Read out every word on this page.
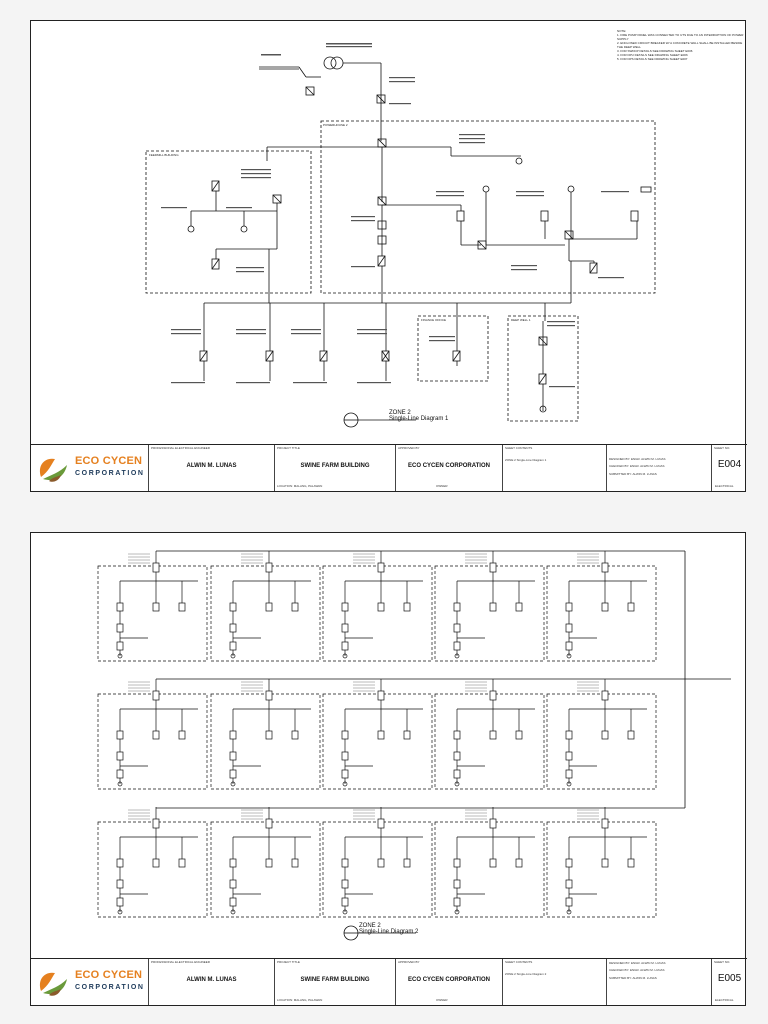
POWERHOUSE 2
FEEDMILL BUILDING
FINANCE OFFICE	DEEP WELL 1
NOTE:
1. FIRE PUMP PANEL WAS CONNECTED TO UTS DUE TO AN INTERRUPTION OF POWER SUPPLY
2. ENCLOSED CIRCUIT BREAKER W/ A CONCRETE WALL SHALL BE INSTALLED BESIDE THE DEEP WELL
3. FOR SWDCP DETAILS SEE DRAWING SHEET E006
4. FOR DPU DETAILS SEE DRAWING SHEET E006
5. FOR DPS DETAILS SEE DRAWING SHEET E007
ZONE 2
Single-Line Diagram 1
ECO CYCEN
CORPORATION
PROFESSIONAL ELECTRICAL ENGINEER
ALWIN M. LUNAS
PROJECT TITLE
SWINE FARM BUILDING
LOCATION: MALANG, PALAWAN
APPROVED BY
ECO CYCEN CORPORATION
OWNER
SHEET CONTENTS
ZONE 2 Single-Line Diagram 1	DESIGNED BY: ENGR. ALWIN M. LUNAS
CHECKED BY: ENGR. ALWIN M. LUNAS
SUBMITTED BY: ALWIN M. LUNAS
SHEET NO.
E004
ELECTRICAL
ZONE 2
Single-Line Diagram 2
ECO CYCEN
CORPORATION
PROFESSIONAL ELECTRICAL ENGINEER
ALWIN M. LUNAS
PROJECT TITLE
SWINE FARM BUILDING
LOCATION: MALANG, PALAWAN
APPROVED BY
ECO CYCEN CORPORATION
OWNER
SHEET CONTENTS
ZONE 2 Single-Line Diagram 2
DESIGNED BY: ENGR. ALWIN M. LUNAS
CHECKED BY: ENGR. ALWIN M. LUNAS
SUBMITTED BY: ALWIN M. LUNAS
SHEET NO.
E005
ELECTRICAL
